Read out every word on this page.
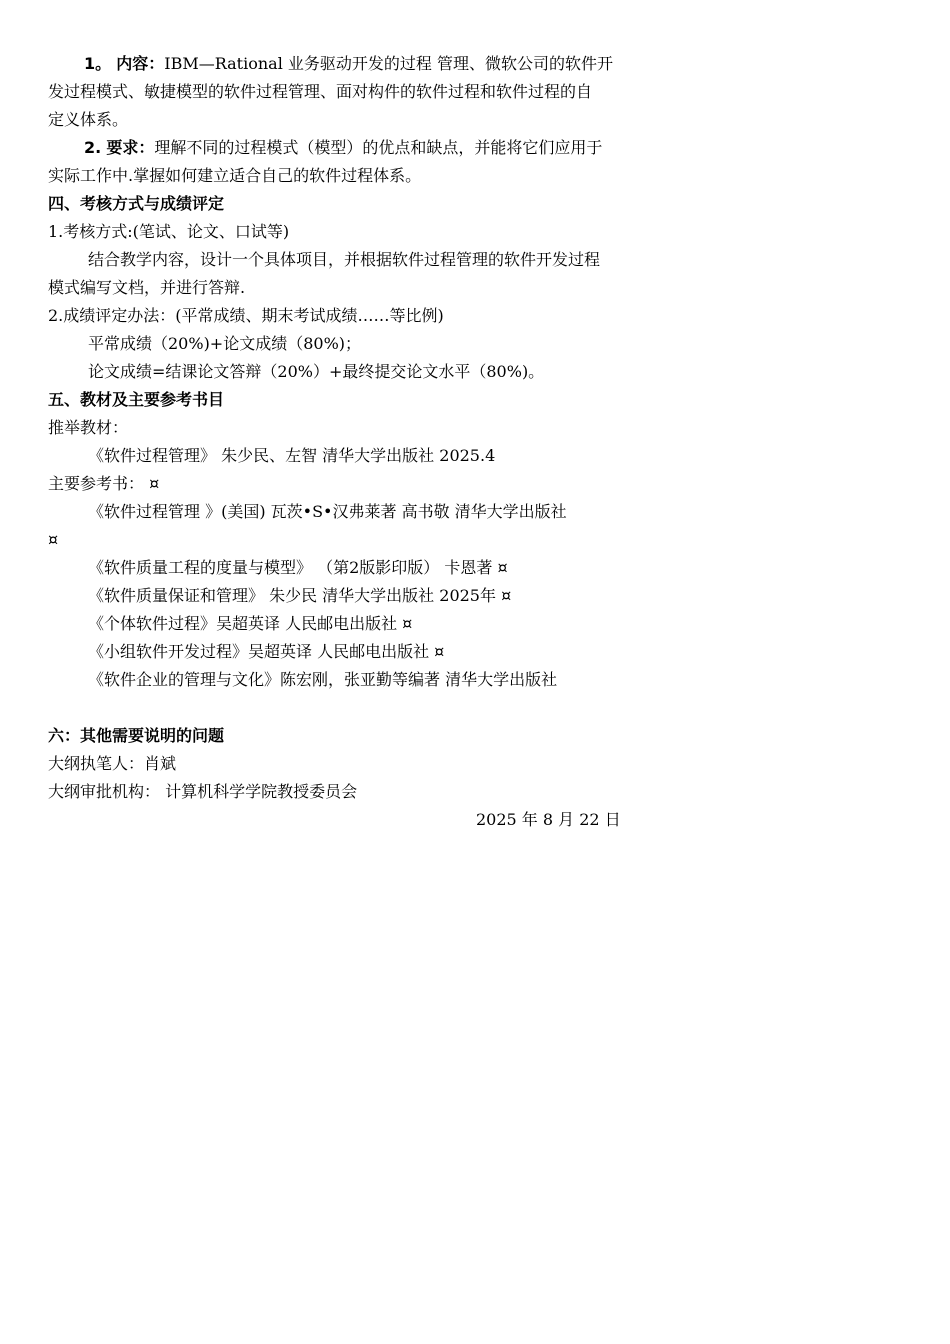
1。 内容：IBM—Rational 业务驱动开发的过程 管理、微软公司的软件开
发过程模式、敏捷模型的软件过程管理、面对构件的软件过程和软件过程的自
定义体系。
2. 要求：理解不同的过程模式（模型）的优点和缺点，并能将它们应用于
实际工作中.掌握如何建立适合自己的软件过程体系。
四、考核方式与成绩评定
1.考核方式:(笔试、论文、口试等)
结合教学内容，设计一个具体项目，并根据软件过程管理的软件开发过程
模式编写文档，并进行答辩.
2.成绩评定办法：(平常成绩、期末考试成绩……等比例)
平常成绩（20%)+论文成绩（80%)；
论文成绩=结课论文答辩（20%）+最终提交论文水平（80%)。
五、教材及主要参考书目
推举教材：
《软件过程管理》 朱少民、左智 清华大学出版社 2025.4
主要参考书： ¤
《软件过程管理 》(美国) 瓦茨•S•汉弗莱著 高书敬 清华大学出版社
¤
《软件质量工程的度量与模型》 （第2版影印版） 卡恩著 ¤
《软件质量保证和管理》 朱少民 清华大学出版社 2025年 ¤
《个体软件过程》吴超英译 人民邮电出版社 ¤
《小组软件开发过程》吴超英译 人民邮电出版社 ¤
《软件企业的管理与文化》陈宏刚，张亚勤等编著 清华大学出版社
六：其他需要说明的问题
大纲执笔人：肖斌
大纲审批机构： 计算机科学学院教授委员会
2025 年 8 月 22 日
